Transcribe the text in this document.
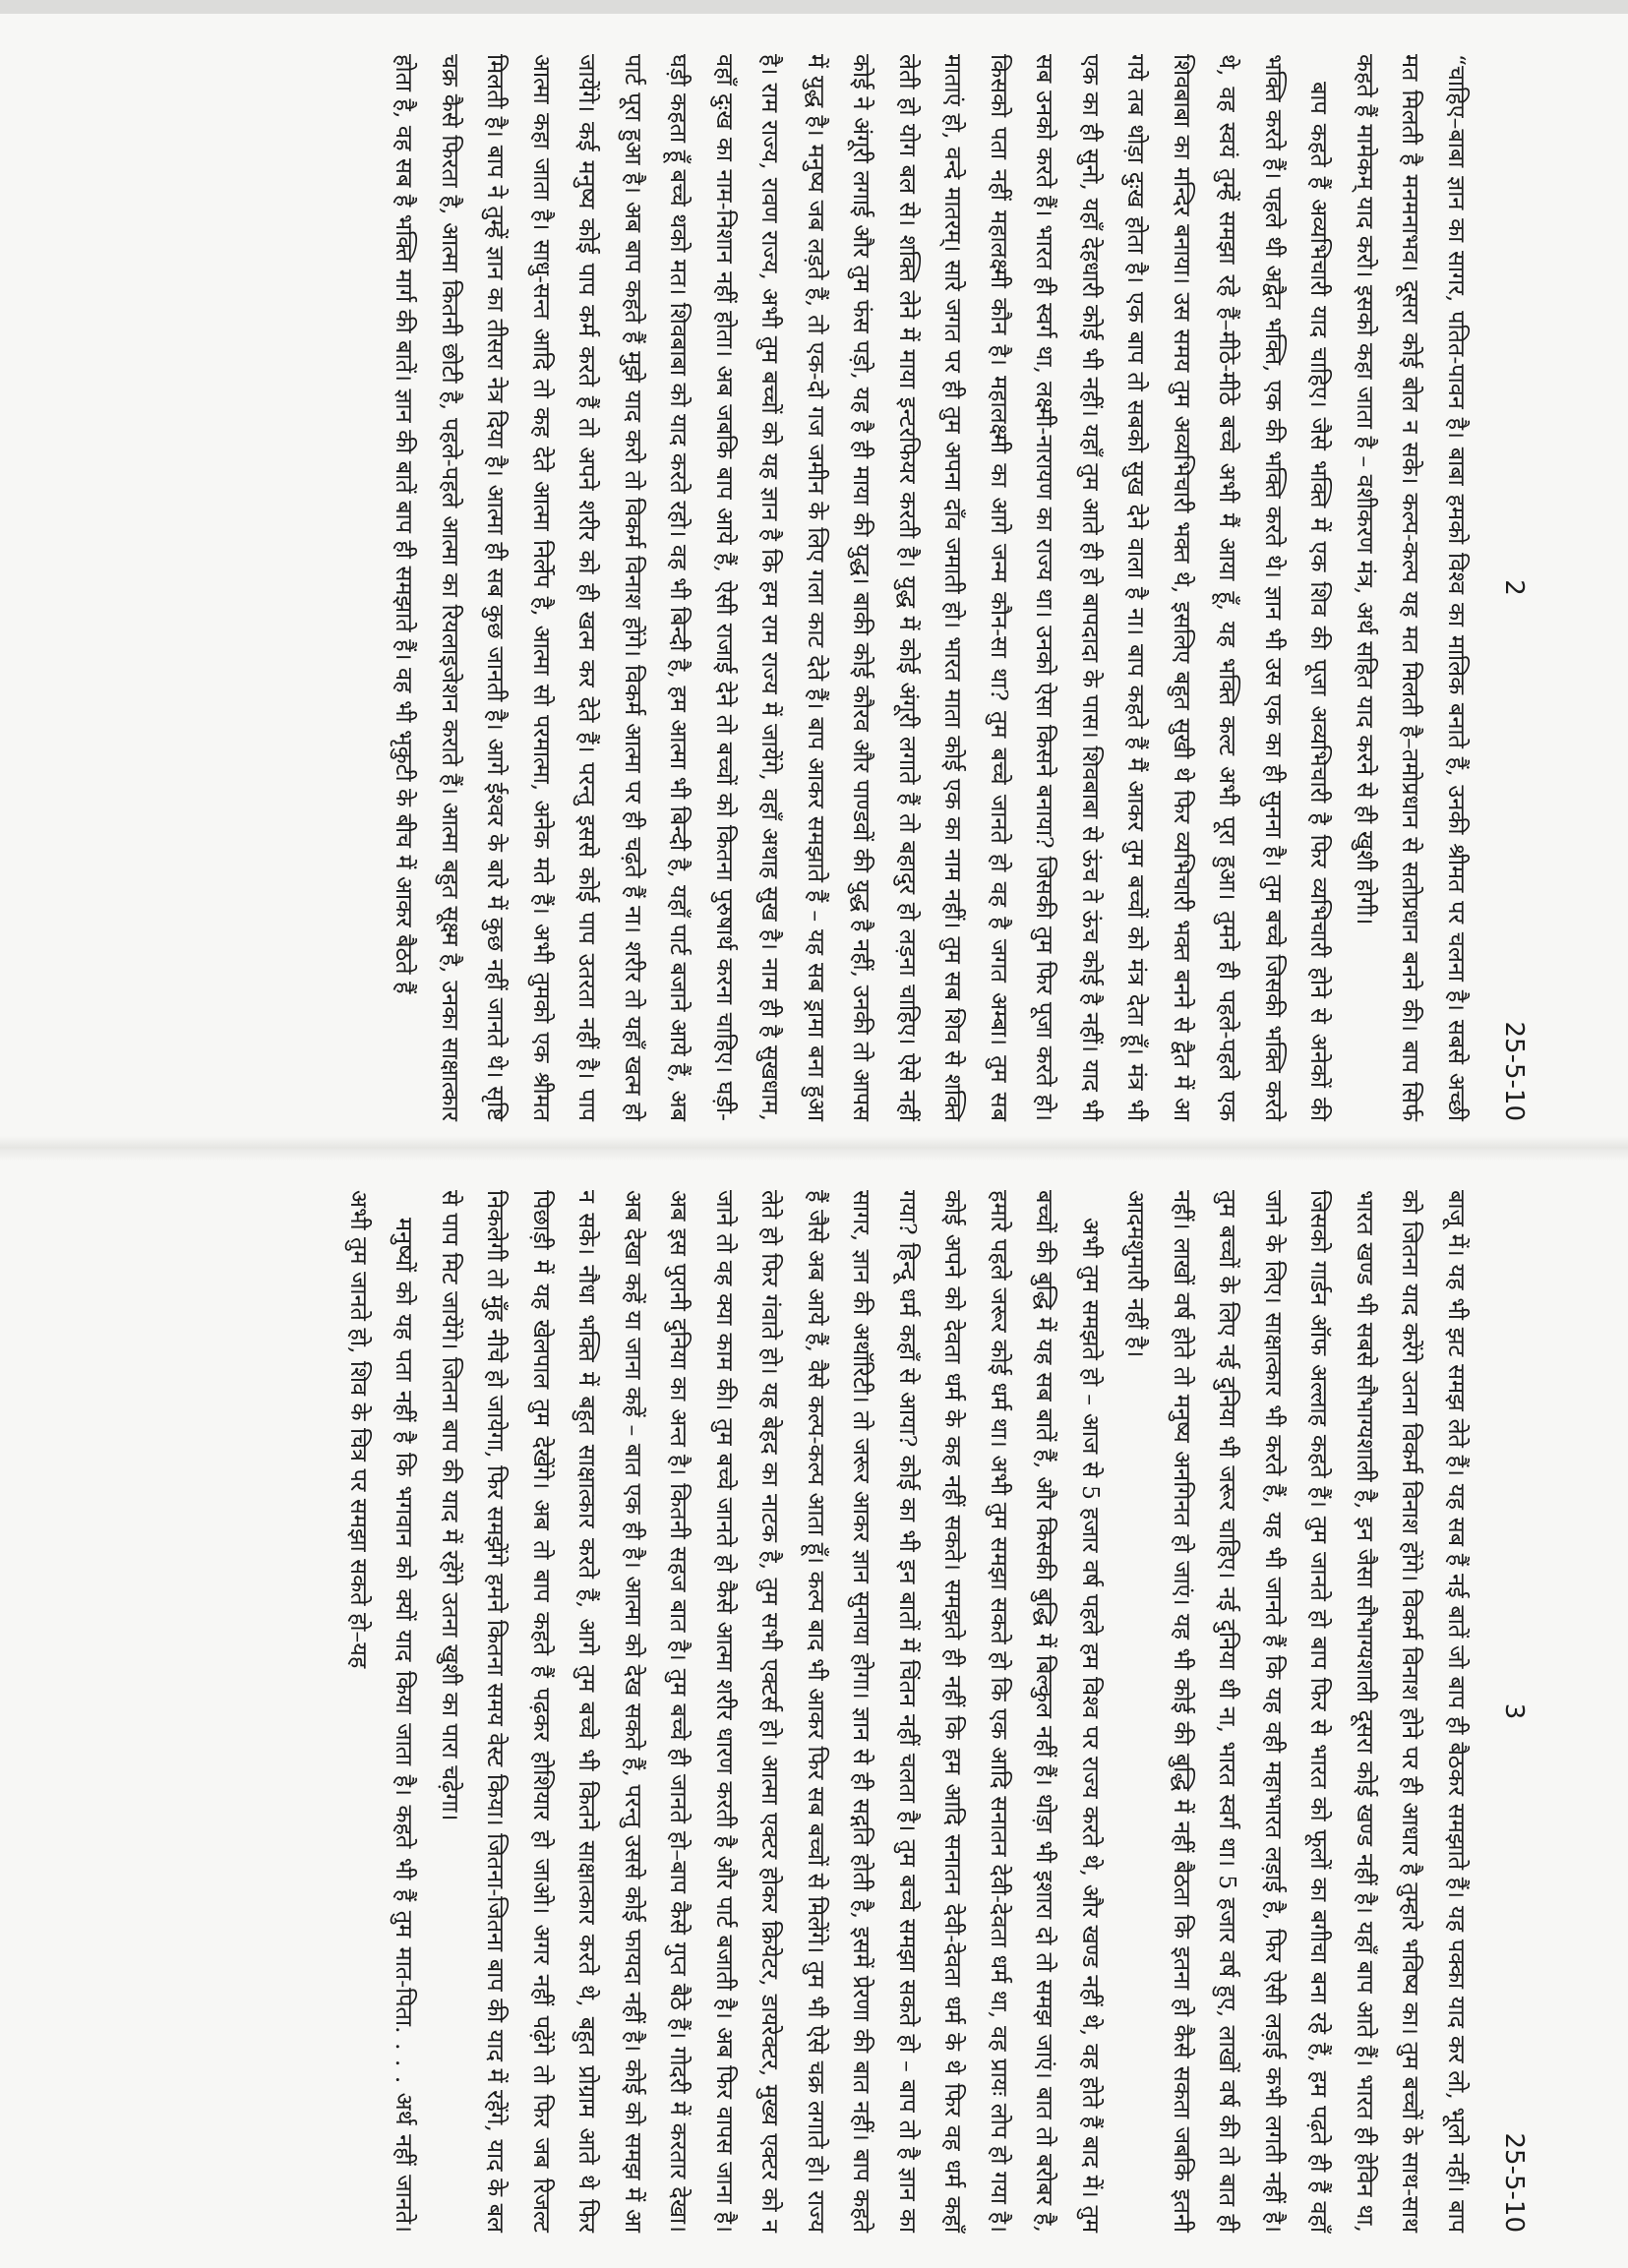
2
25-5-10

“चाहिए–बाबा ज्ञान का सागर, पतित-पावन है। बाबा हमको विश्व का मालिक बनाते हैं, उनकी श्रीमत पर चलना है। सबसे अच्छी मत मिलती है मनमनाभव। दूसरा कोई बोल न सके। कल्प-कल्प यह मत मिलती है–तमोप्रधान से सतोप्रधान बनने की। बाप सिर्फ कहते हैं मामेकम् याद करो। इसको कहा जाता है – वशीकरण मंत्र, अर्थ सहित याद करने से ही खुशी होगी।

बाप कहते हैं अव्यभिचारी याद चाहिए। जैसे भक्ति में एक शिव की पूजा अव्यभिचारी है फिर व्यभिचारी होने से अनेकों की भक्ति करते हैं। पहले थी अद्वैत भक्ति, एक की भक्ति करते थे। ज्ञान भी उस एक का ही सुनना है। तुम बच्चे जिसकी भक्ति करते थे, वह स्वयं तुम्हें समझा रहे हैं–मीठे-मीठे बच्चे अभी मैं आया हूँ, यह भक्ति कल्ट अभी पूरा हुआ। तुमने ही पहले-पहले एक शिवबाबा का मन्दिर बनाया। उस समय तुम अव्यभिचारी भक्त थे, इसलिए बहुत सुखी थे फिर व्यभिचारी भक्त बनने से द्वैत में आ गये तब थोड़ा दुःख होता है। एक बाप तो सबको सुख देने वाला है ना। बाप कहते हैं मैं आकर तुम बच्चों को मंत्र देता हूँ। मंत्र भी एक का ही सुनो, यहाँ देहधारी कोई भी नहीं। यहाँ तुम आते ही हो बापदादा के पास। शिवबाबा से ऊंच ते ऊंच कोई है नहीं। याद भी सब उनको करते हैं। भारत ही स्वर्ग था, लक्ष्मी-नारायण का राज्य था। उनको ऐसा किसने बनाया? जिसकी तुम फिर पूजा करते हो। किसको पता नहीं महालक्ष्मी कौन है। महालक्ष्मी का आगे जन्म कौन-सा था? तुम बच्चे जानते हो वह है जगत अम्बा। तुम सब माताएं हो, वन्दे मातरम्। सारे जगत पर ही तुम अपना दाँव जमाती हो। भारत माता कोई एक का नाम नहीं। तुम सब शिव से शक्ति लेती हो योग बल से। शक्ति लेने में माया इन्टरफियर करती है। युद्ध में कोई अंगूरी लगाते हैं तो बहादुर हो लड़ना चाहिए। ऐसे नहीं कोई ने अंगूरी लगाई और तुम फंस पड़ो, यह है ही माया की युद्ध। बाकी कोई कौरव और पाण्डवों की युद्ध है नहीं, उनकी तो आपस में युद्ध है। मनुष्य जब लड़ते हैं, तो एक-दो गज जमीन के लिए गला काट देते हैं। बाप आकर समझाते हैं – यह सब ड्रामा बना हुआ है। राम राज्य, रावण राज्य, अभी तुम बच्चों को यह ज्ञान है कि हम राम राज्य में जायेंगे, वहाँ अथाह सुख है। नाम ही है सुखधाम, वहाँ दुःख का नाम-निशान नहीं होता। अब जबकि बाप आये हैं, ऐसी राजाई देने तो बच्चों को कितना पुरुषार्थ करना चाहिए। घड़ी-घड़ी कहता हूँ बच्चे थको मत। शिवबाबा को याद करते रहो। वह भी बिन्दी है, हम आत्मा भी बिन्दी है, यहाँ पार्ट बजाने आये हैं, अब पार्ट पूरा हुआ है। अब बाप कहते हैं मुझे याद करो तो विकर्म विनाश होंगे। विकर्म आत्मा पर ही चढ़ते हैं ना। शरीर तो यहाँ खत्म हो जायेंगे। कई मनुष्य कोई पाप कर्म करते हैं तो अपने शरीर को ही खत्म कर देते हैं। परन्तु इससे कोई पाप उतरता नहीं है। पाप आत्मा कहा जाता है। साधु-सन्त आदि तो कह देते आत्मा निर्लेप है, आत्मा सो परमात्मा, अनेक मते हैं। अभी तुमको एक श्रीमत मिलती है। बाप ने तुम्हें ज्ञान का तीसरा नेत्र दिया है। आत्मा ही सब कुछ जानती है। आगे ईश्वर के बारे में कुछ नहीं जानते थे। सृष्टि चक्र कैसे फिरता है, आत्मा कितनी छोटी है, पहले-पहले आत्मा का रियलाइजेशन कराते हैं। आत्मा बहुत सूक्ष्म है, उनका साक्षात्कार होता है, वह सब है भक्ति मार्ग की बातें। ज्ञान की बातें बाप ही समझाते हैं। वह भी भृकुटी के बीच में आकर बैठते हैं

3
25-5-10

बाजू में। यह भी झट समझ लेते हैं। यह सब हैं नई बातें जो बाप ही बैठकर समझाते हैं। यह पक्का याद कर लो, भूलो नहीं। बाप को जितना याद करेंगे उतना विकर्म विनाश होंगे। विकर्म विनाश होने पर ही आधार है तुम्हारे भविष्य का। तुम बच्चों के साथ-साथ भारत खण्ड भी सबसे सौभाग्यशाली है, इन जैसा सौभाग्यशाली दूसरा कोई खण्ड नहीं है। यहाँ बाप आते हैं। भारत ही हेविन था, जिसको गार्डन ऑफ अल्लाह कहते हैं। तुम जानते हो बाप फिर से भारत को फूलों का बगीचा बना रहे हैं, हम पढ़ते ही हैं वहाँ जाने के लिए। साक्षात्कार भी करते हैं, यह भी जानते हैं कि यह वही महाभारत लड़ाई है, फिर ऐसी लड़ाई कभी लगती नहीं है। तुम बच्चों के लिए नई दुनिया भी जरूर चाहिए। नई दुनिया थी ना, भारत स्वर्ग था। 5 हजार वर्ष हुए, लाखों वर्ष की तो बात ही नहीं। लाखों वर्ष होते तो मनुष्य अनगिनत हो जाएं। यह भी कोई की बुद्धि में नहीं बैठता कि इतना हो कैसे सकता जबकि इतनी आदमशुमारी नहीं है।

अभी तुम समझते हो – आज से 5 हजार वर्ष पहले हम विश्व पर राज्य करते थे, और खण्ड नहीं थे, वह होते हैं बाद में। तुम बच्चों की बुद्धि में यह सब बातें हैं, और किसकी बुद्धि में बिल्कुल नहीं हैं। थोड़ा भी इशारा दो तो समझ जाएं। बात तो बरोबर है, हमारे पहले जरूर कोई धर्म था। अभी तुम समझा सकते हो कि एक आदि सनातन देवी-देवता धर्म था, वह प्रायः लोप हो गया है। कोई अपने को देवता धर्म के कह नहीं सकते। समझते ही नहीं कि हम आदि सनातन देवी-देवता धर्म के थे फिर वह धर्म कहाँ गया? हिन्दू धर्म कहाँ से आया? कोई का भी इन बातों में चिंतन नहीं चलता है। तुम बच्चे समझा सकते हो – बाप तो है ज्ञान का सागर, ज्ञान की अथॉरिटी। तो जरूर आकर ज्ञान सुनाया होगा। ज्ञान से ही सद्गति होती है, इसमें प्रेरणा की बात नहीं। बाप कहते हैं जैसे अब आये हैं, वैसे कल्प-कल्प आता हूँ। कल्प बाद भी आकर फिर सब बच्चों से मिलेंगे। तुम भी ऐसे चक्र लगाते हो। राज्य लेते हो फिर गंवाते हो। यह बेहद का नाटक है, तुम सभी एक्टर्स हो। आत्मा एक्टर होकर क्रियेटर, डायरेक्टर, मुख्य एक्टर को न जाने तो वह क्या काम की। तुम बच्चे जानते हो कैसे आत्मा शरीर धारण करती है और पार्ट बजाती है। अब फिर वापस जाना है। अब इस पुरानी दुनिया का अन्त है। कितनी सहज बात है। तुम बच्चे ही जानते हो–बाप कैसे गुप्त बैठे हैं। गोदरी में करतार देखा। अब देखा कहें या जाना कहें – बात एक ही है। आत्मा को देख सकते हैं, परन्तु उससे कोई फायदा नहीं है। कोई को समझ में आ न सके। नौधा भक्ति में बहुत साक्षात्कार करते हैं, आगे तुम बच्चे भी कितने साक्षात्कार करते थे, बहुत प्रोग्राम आते थे फिर पिछाड़ी में यह खेलपाल तुम देखेंगे। अब तो बाप कहते हैं पढ़कर होशियार हो जाओ। अगर नहीं पढ़ेंगे तो फिर जब रिजल्ट निकलेगी तो मुँह नीचे हो जायेगा, फिर समझेंगे हमने कितना समय वेस्ट किया। जितना-जितना बाप की याद में रहेंगे, याद के बल से पाप मिट जायेंगे। जितना बाप की याद में रहेंगे उतना खुशी का पारा चढ़ेगा।

मनुष्यों को यह पता नहीं है कि भगवान को क्यों याद किया जाता है। कहते भी हैं तुम मात-पिता. . . . अर्थ नहीं जानते। अभी तुम जानते हो, शिव के चित्र पर समझा सकते हो–यह
